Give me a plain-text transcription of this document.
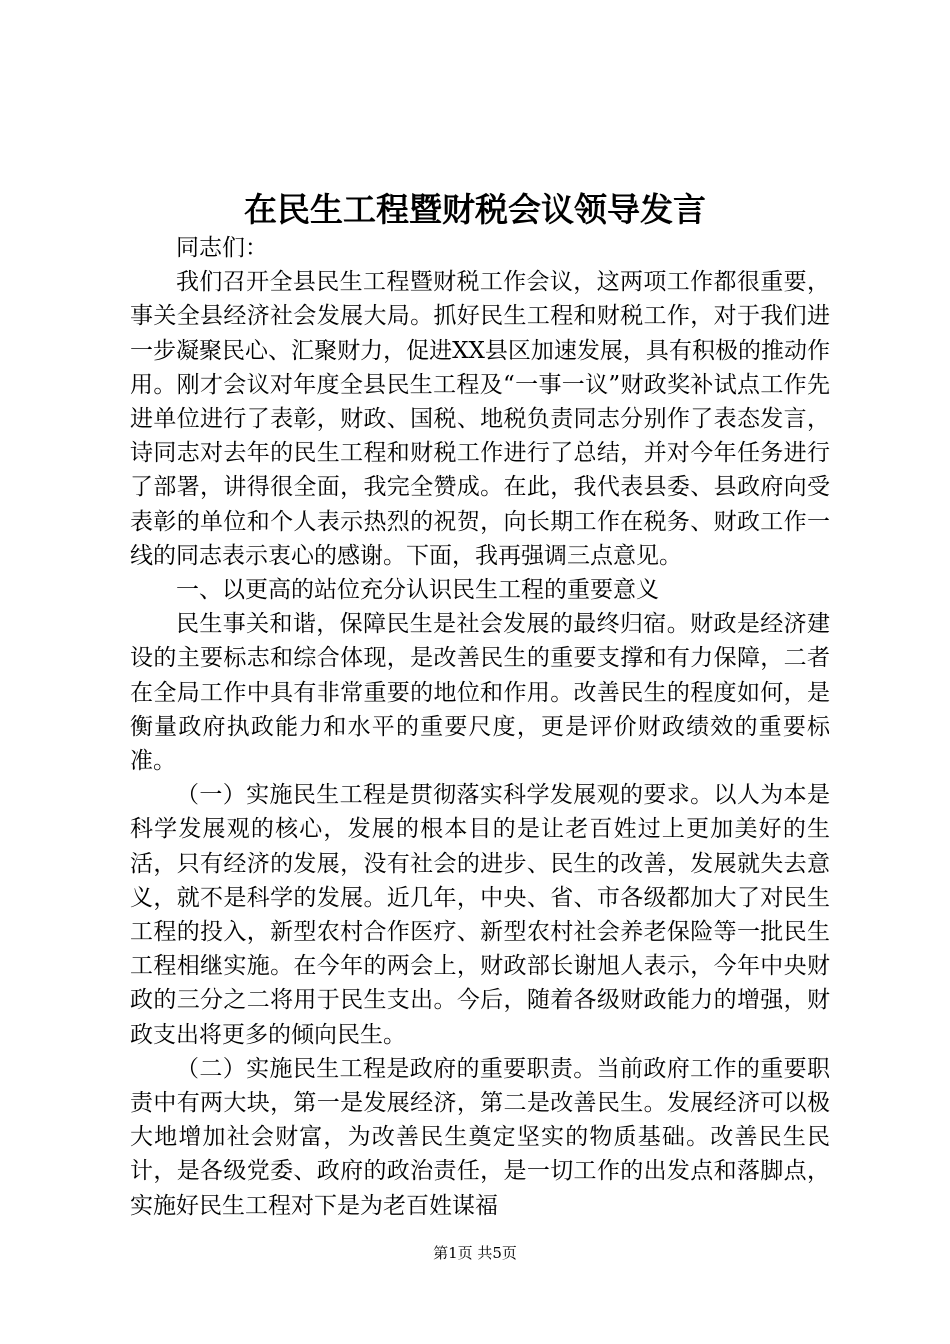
在民生工程暨财税会议领导发言

同志们：

我们召开全县民生工程暨财税工作会议，这两项工作都很重要，事关全县经济社会发展大局。抓好民生工程和财税工作，对于我们进一步凝聚民心、汇聚财力，促进XX县区加速发展，具有积极的推动作用。刚才会议对年度全县民生工程及“一事一议”财政奖补试点工作先进单位进行了表彰，财政、国税、地税负责同志分别作了表态发言，诗同志对去年的民生工程和财税工作进行了总结，并对今年任务进行了部署，讲得很全面，我完全赞成。在此，我代表县委、县政府向受表彰的单位和个人表示热烈的祝贺，向长期工作在税务、财政工作一线的同志表示衷心的感谢。下面，我再强调三点意见。

一、以更高的站位充分认识民生工程的重要意义

民生事关和谐，保障民生是社会发展的最终归宿。财政是经济建设的主要标志和综合体现，是改善民生的重要支撑和有力保障，二者在全局工作中具有非常重要的地位和作用。改善民生的程度如何，是衡量政府执政能力和水平的重要尺度，更是评价财政绩效的重要标准。

（一）实施民生工程是贯彻落实科学发展观的要求。以人为本是科学发展观的核心，发展的根本目的是让老百姓过上更加美好的生活，只有经济的发展，没有社会的进步、民生的改善，发展就失去意义，就不是科学的发展。近几年，中央、省、市各级都加大了对民生工程的投入，新型农村合作医疗、新型农村社会养老保险等一批民生工程相继实施。在今年的两会上，财政部长谢旭人表示，今年中央财政的三分之二将用于民生支出。今后，随着各级财政能力的增强，财政支出将更多的倾向民生。

（二）实施民生工程是政府的重要职责。当前政府工作的重要职责中有两大块，第一是发展经济，第二是改善民生。发展经济可以极大地增加社会财富，为改善民生奠定坚实的物质基础。改善民生民计，是各级党委、政府的政治责任，是一切工作的出发点和落脚点，实施好民生工程对下是为老百姓谋福

第1页 共5页
